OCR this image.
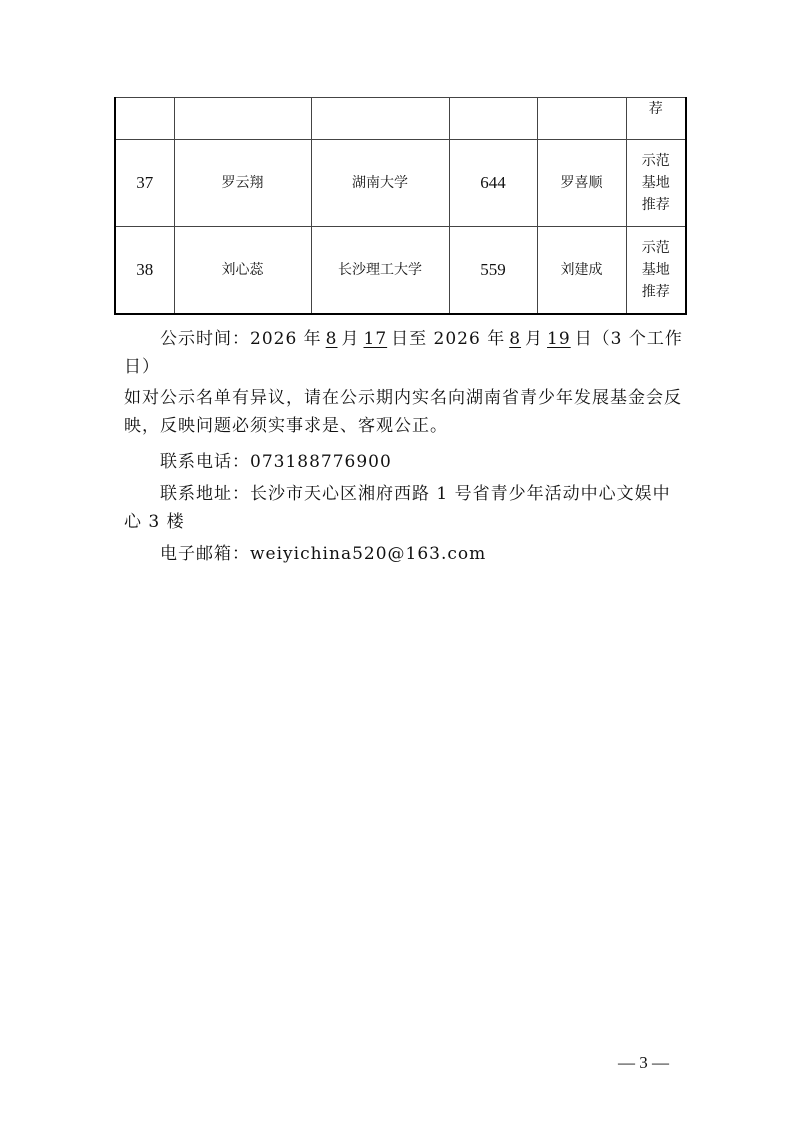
					荐
37	罗云翔	湖南大学	644	罗喜顺	示范
基地
推荐
38	刘心蕊	长沙理工大学	559	刘建成	示范
基地
推荐
公示时间：2026 年 8 月 17 日至 2026 年 8 月 19 日（3 个工作日）
如对公示名单有异议，请在公示期内实名向湖南省青少年发展基金会反映，反映问题必须实事求是、客观公正。
联系电话：073188776900
联系地址：长沙市天心区湘府西路 1 号省青少年活动中心文娱中心 3 楼
电子邮箱：weiyichina520@163.com
— 3 —
